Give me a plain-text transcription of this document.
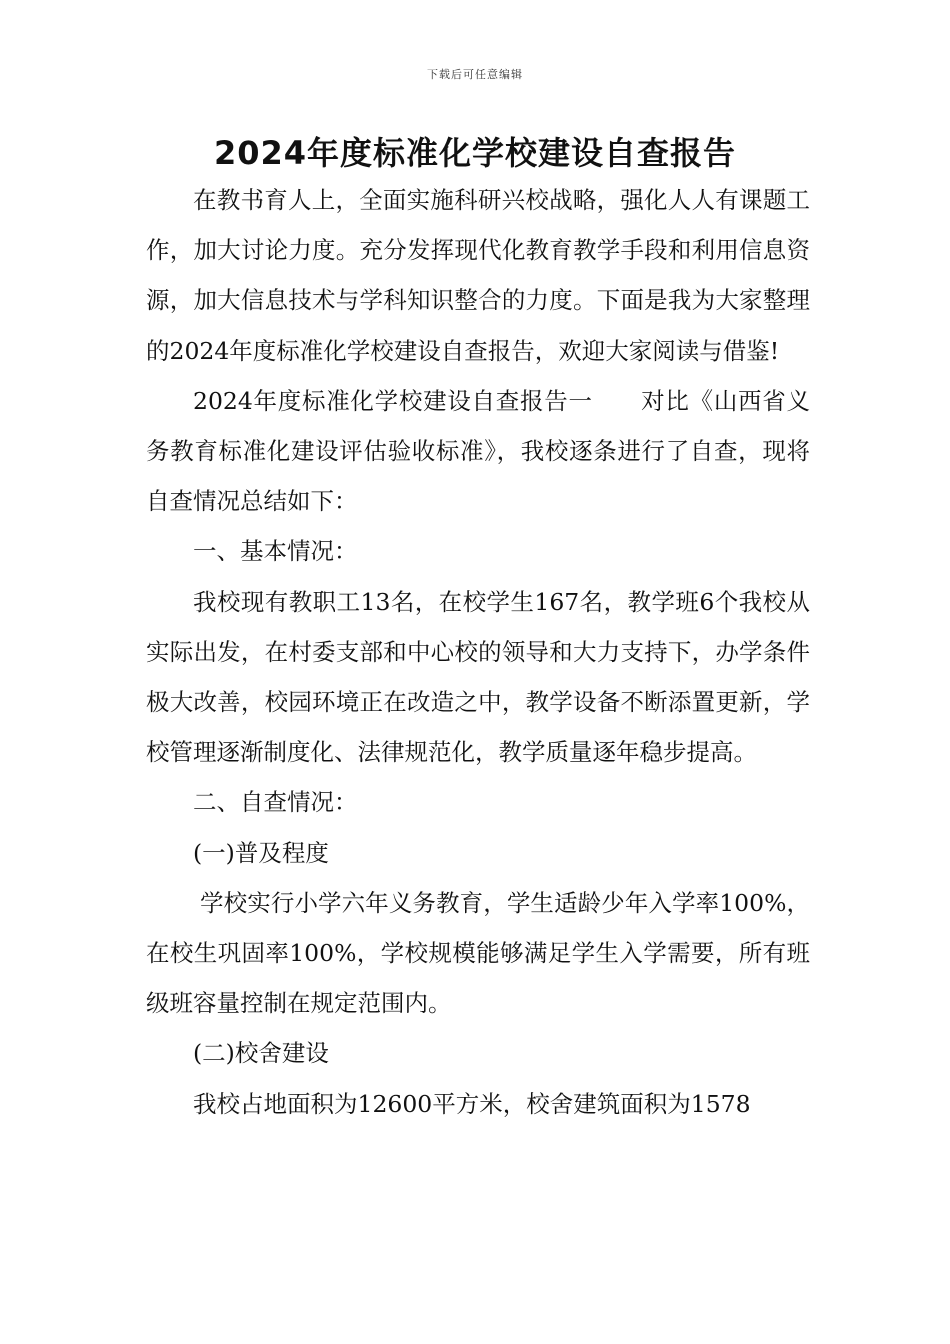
下载后可任意编辑
2024年度标准化学校建设自查报告

在教书育人上，全面实施科研兴校战略，强化人人有课题工作，加大讨论力度。充分发挥现代化教育教学手段和利用信息资源，加大信息技术与学科知识整合的力度。下面是我为大家整理的2024年度标准化学校建设自查报告，欢迎大家阅读与借鉴!

2024年度标准化学校建设自查报告一　　对比《山西省义务教育标准化建设评估验收标准》，我校逐条进行了自查，现将自查情况总结如下：

一、基本情况：

我校现有教职工13名，在校学生167名，教学班6个我校从实际出发，在村委支部和中心校的领导和大力支持下，办学条件极大改善，校园环境正在改造之中，教学设备不断添置更新，学校管理逐渐制度化、法律规范化，教学质量逐年稳步提高。

二、自查情况：

(一)普及程度

学校实行小学六年义务教育，学生适龄少年入学率100%，在校生巩固率100%，学校规模能够满足学生入学需要，所有班级班容量控制在规定范围内。

(二)校舍建设

我校占地面积为12600平方米，校舍建筑面积为1578
